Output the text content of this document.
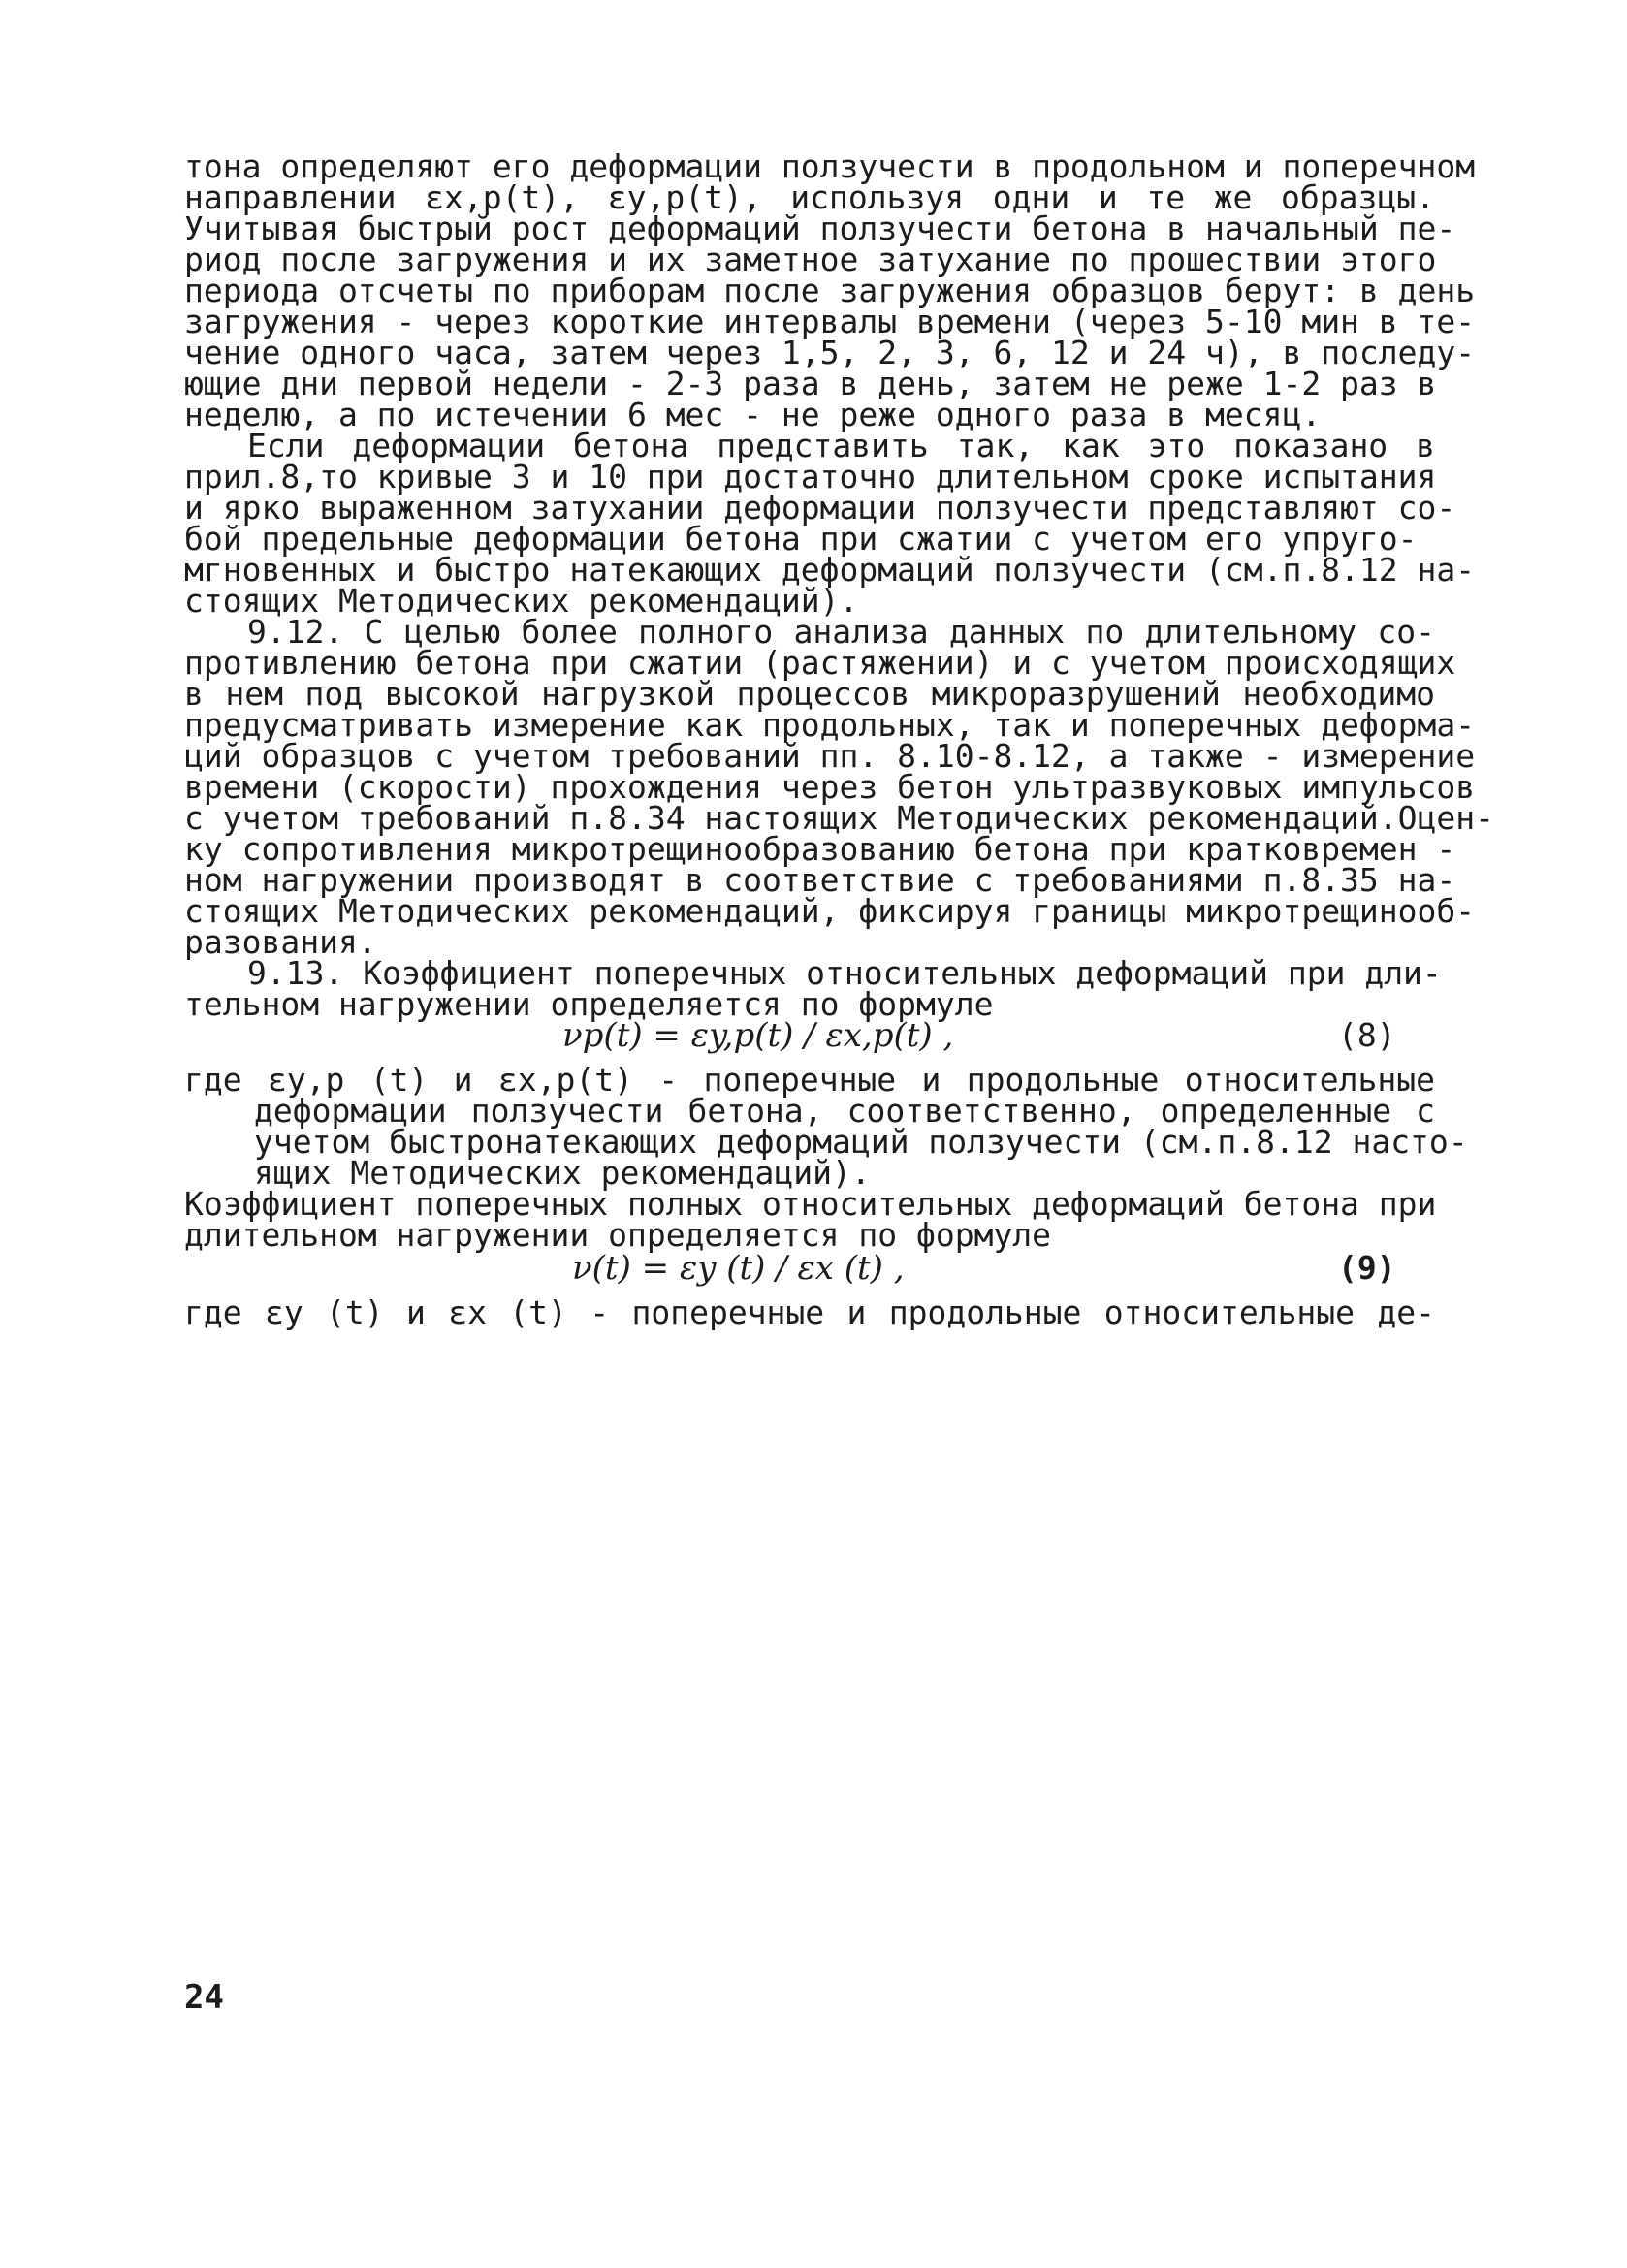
тона определяют его деформации ползучести в продольном и поперечном
направлении εx,p(t), εy,p(t), используя одни и те же образцы.
Учитывая быстрый рост деформаций ползучести бетона в начальный пе-
риод после загружения и их заметное затухание по прошествии этого
периода отсчеты по приборам после загружения образцов берут: в день
загружения - через короткие интервалы времени (через 5-10 мин в те-
чение одного часа, затем через 1,5, 2, 3, 6, 12 и 24 ч), в последу-
ющие дни первой недели - 2-3 раза в день, затем не реже 1-2 раз в
неделю, а по истечении 6 мес - не реже одного раза в месяц.
Если деформации бетона представить так, как это показано в
прил.8,то кривые 3 и 10 при достаточно длительном сроке испытания
и ярко выраженном затухании деформации ползучести представляют со-
бой предельные деформации бетона при сжатии с учетом его упруго-
мгновенных и быстро натекающих деформаций ползучести (см.п.8.12 на-
стоящих Методических рекомендаций).
9.12. С целью более полного анализа данных по длительному со-
противлению бетона при сжатии (растяжении) и с учетом происходящих
в нем под высокой нагрузкой процессов микроразрушений необходимо
предусматривать измерение как продольных, так и поперечных деформа-
ций образцов с учетом требований пп. 8.10-8.12, а также - измерение
времени (скорости) прохождения через бетон ультразвуковых импульсов
с учетом требований п.8.34 настоящих Методических рекомендаций.Оцен-
ку сопротивления микротрещинообразованию бетона при кратковремен -
ном нагружении производят в соответствие с требованиями п.8.35 на-
стоящих Методических рекомендаций, фиксируя границы микротрещинооб-
разования.
9.13. Коэффициент поперечных относительных деформаций при дли-
тельном нагружении определяется по формуле
νp(t) = εy,p(t) / εx,p(t) ,	(8)
где εy,p (t) и εx,p(t) - поперечные и продольные относительные
деформации ползучести бетона, соответственно, определенные с
учетом быстронатекающих деформаций ползучести (см.п.8.12 насто-
ящих Методических рекомендаций).
Коэффициент поперечных полных относительных деформаций бетона при
длительном нагружении определяется по формуле
ν(t) = εy (t) / εx (t) ,	(9)
где εy (t) и εx (t) - поперечные и продольные относительные де-
24
